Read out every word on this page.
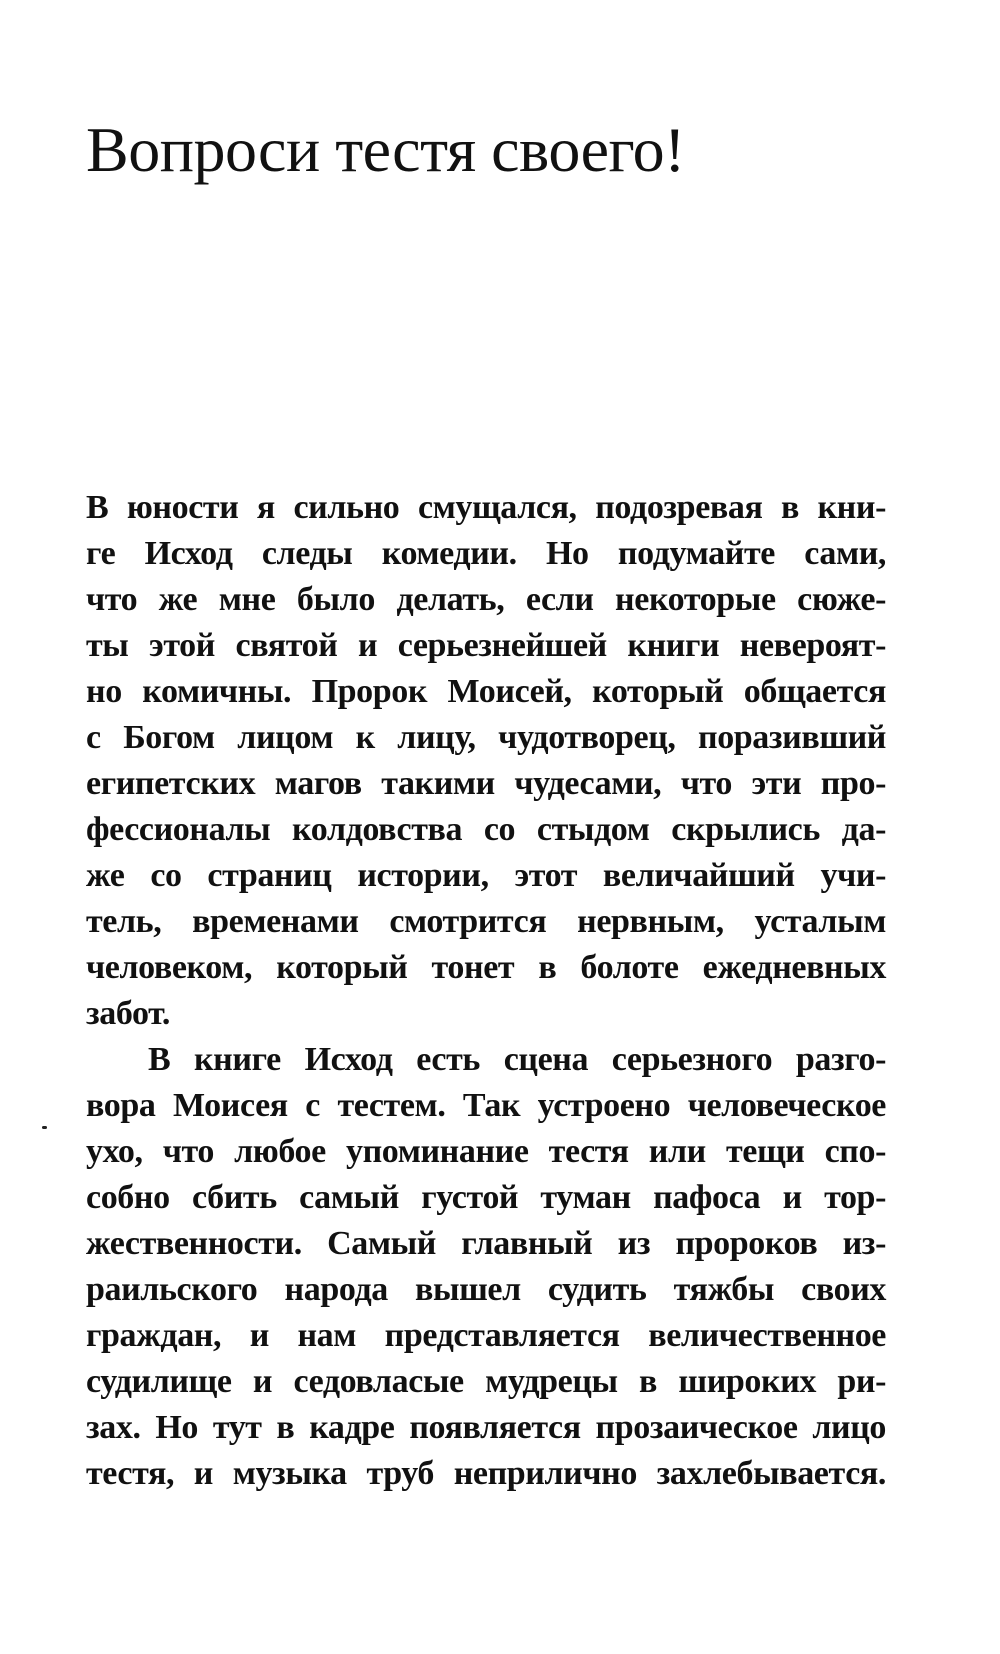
Вопроси тестя своего!
В юности я сильно смущался, подозревая в кни-
ге Исход следы комедии. Но подумайте сами,
что же мне было делать, если некоторые сюже-
ты этой святой и серьезнейшей книги невероят-
но комичны. Пророк Моисей, который общается
с Богом лицом к лицу, чудотворец, поразивший
египетских магов такими чудесами, что эти про-
фессионалы колдовства со стыдом скрылись да-
же со страниц истории, этот величайший учи-
тель, временами смотрится нервным, усталым
человеком, который тонет в болоте ежедневных
забот.
В книге Исход есть сцена серьезного разго-
вора Моисея с тестем. Так устроено человеческое
ухо, что любое упоминание тестя или тещи спо-
собно сбить самый густой туман пафоса и тор-
жественности. Самый главный из пророков из-
раильского народа вышел судить тяжбы своих
граждан, и нам представляется величественное
судилище и седовласые мудрецы в широких ри-
зах. Но тут в кадре появляется прозаическое лицо
тестя, и музыка труб неприлично захлебывается.
